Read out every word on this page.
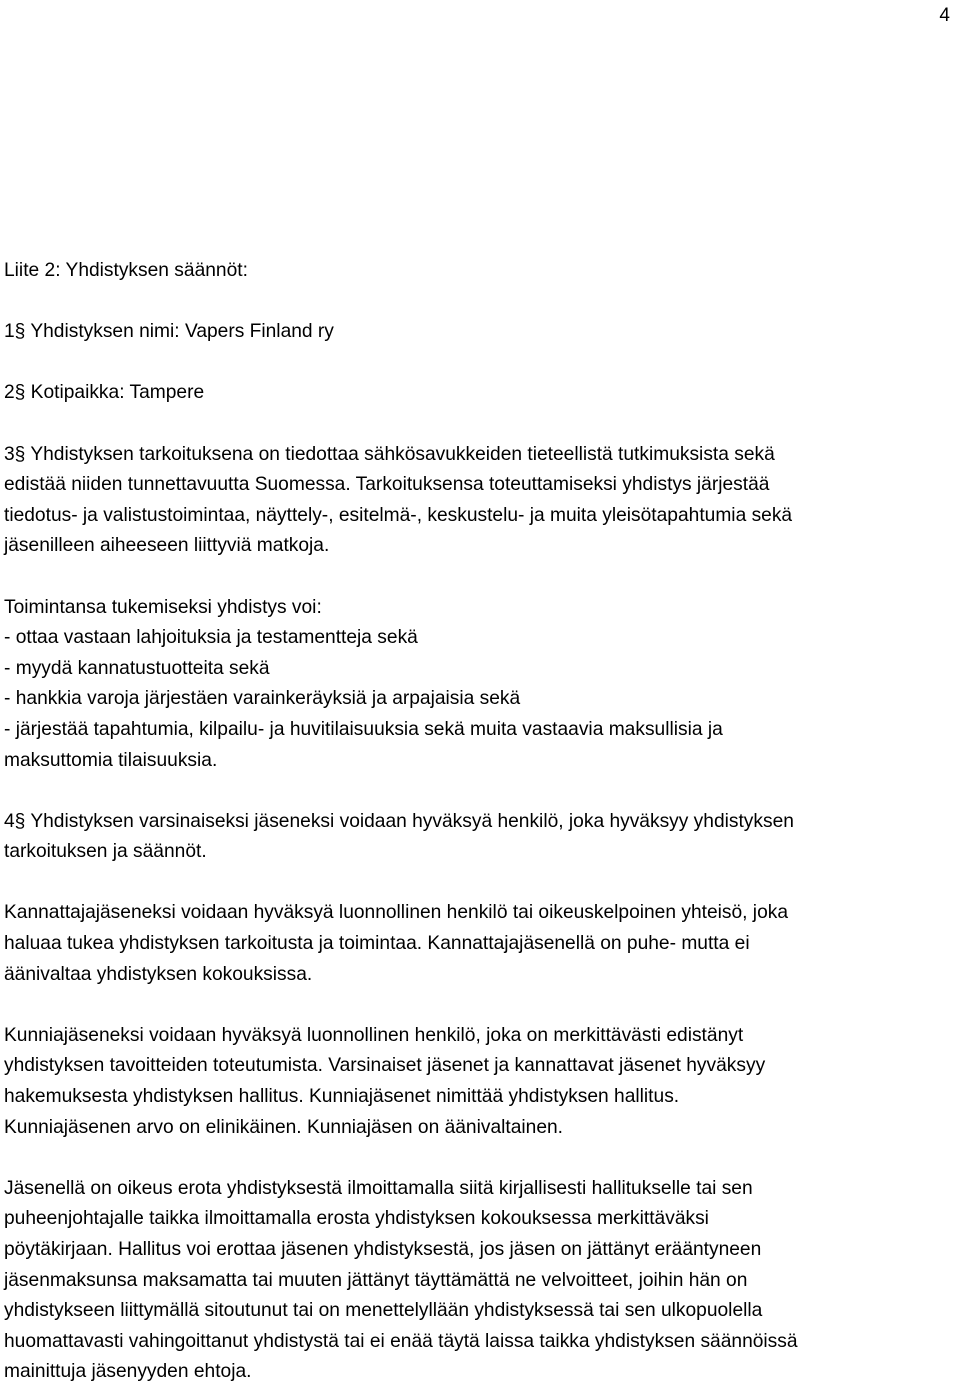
4

Liite 2: Yhdistyksen säännöt:

1§ Yhdistyksen nimi: Vapers Finland ry

2§ Kotipaikka: Tampere

3§ Yhdistyksen tarkoituksena on tiedottaa sähkösavukkeiden tieteellistä tutkimuksista sekä
edistää niiden tunnettavuutta Suomessa. Tarkoituksensa toteuttamiseksi yhdistys järjestää
tiedotus- ja valistustoimintaa, näyttely-, esitelmä-, keskustelu- ja muita yleisötapahtumia sekä
jäsenilleen aiheeseen liittyviä matkoja.

Toimintansa tukemiseksi yhdistys voi:
- ottaa vastaan lahjoituksia ja testamentteja sekä
- myydä kannatustuotteita sekä
- hankkia varoja järjestäen varainkeräyksiä ja arpajaisia sekä
- järjestää tapahtumia, kilpailu- ja huvitilaisuuksia sekä muita vastaavia maksullisia ja
maksuttomia tilaisuuksia.

4§ Yhdistyksen varsinaiseksi jäseneksi voidaan hyväksyä henkilö, joka hyväksyy yhdistyksen
tarkoituksen ja säännöt.

Kannattajajäseneksi voidaan hyväksyä luonnollinen henkilö tai oikeuskelpoinen yhteisö, joka
haluaa tukea yhdistyksen tarkoitusta ja toimintaa. Kannattajajäsenellä on puhe- mutta ei
äänivaltaa yhdistyksen kokouksissa.

Kunniajäseneksi voidaan hyväksyä luonnollinen henkilö, joka on merkittävästi edistänyt
yhdistyksen tavoitteiden toteutumista. Varsinaiset jäsenet ja kannattavat jäsenet hyväksyy
hakemuksesta yhdistyksen hallitus. Kunniajäsenet nimittää yhdistyksen hallitus.
Kunniajäsenen arvo on elinikäinen. Kunniajäsen on äänivaltainen.

Jäsenellä on oikeus erota yhdistyksestä ilmoittamalla siitä kirjallisesti hallitukselle tai sen
puheenjohtajalle taikka ilmoittamalla erosta yhdistyksen kokouksessa merkittäväksi
pöytäkirjaan. Hallitus voi erottaa jäsenen yhdistyksestä, jos jäsen on jättänyt erääntyneen
jäsenmaksunsa maksamatta tai muuten jättänyt täyttämättä ne velvoitteet, joihin hän on
yhdistykseen liittymällä sitoutunut tai on menettelyllään yhdistyksessä tai sen ulkopuolella
huomattavasti vahingoittanut yhdistystä tai ei enää täytä laissa taikka yhdistyksen säännöissä
mainittuja jäsenyyden ehtoja.
